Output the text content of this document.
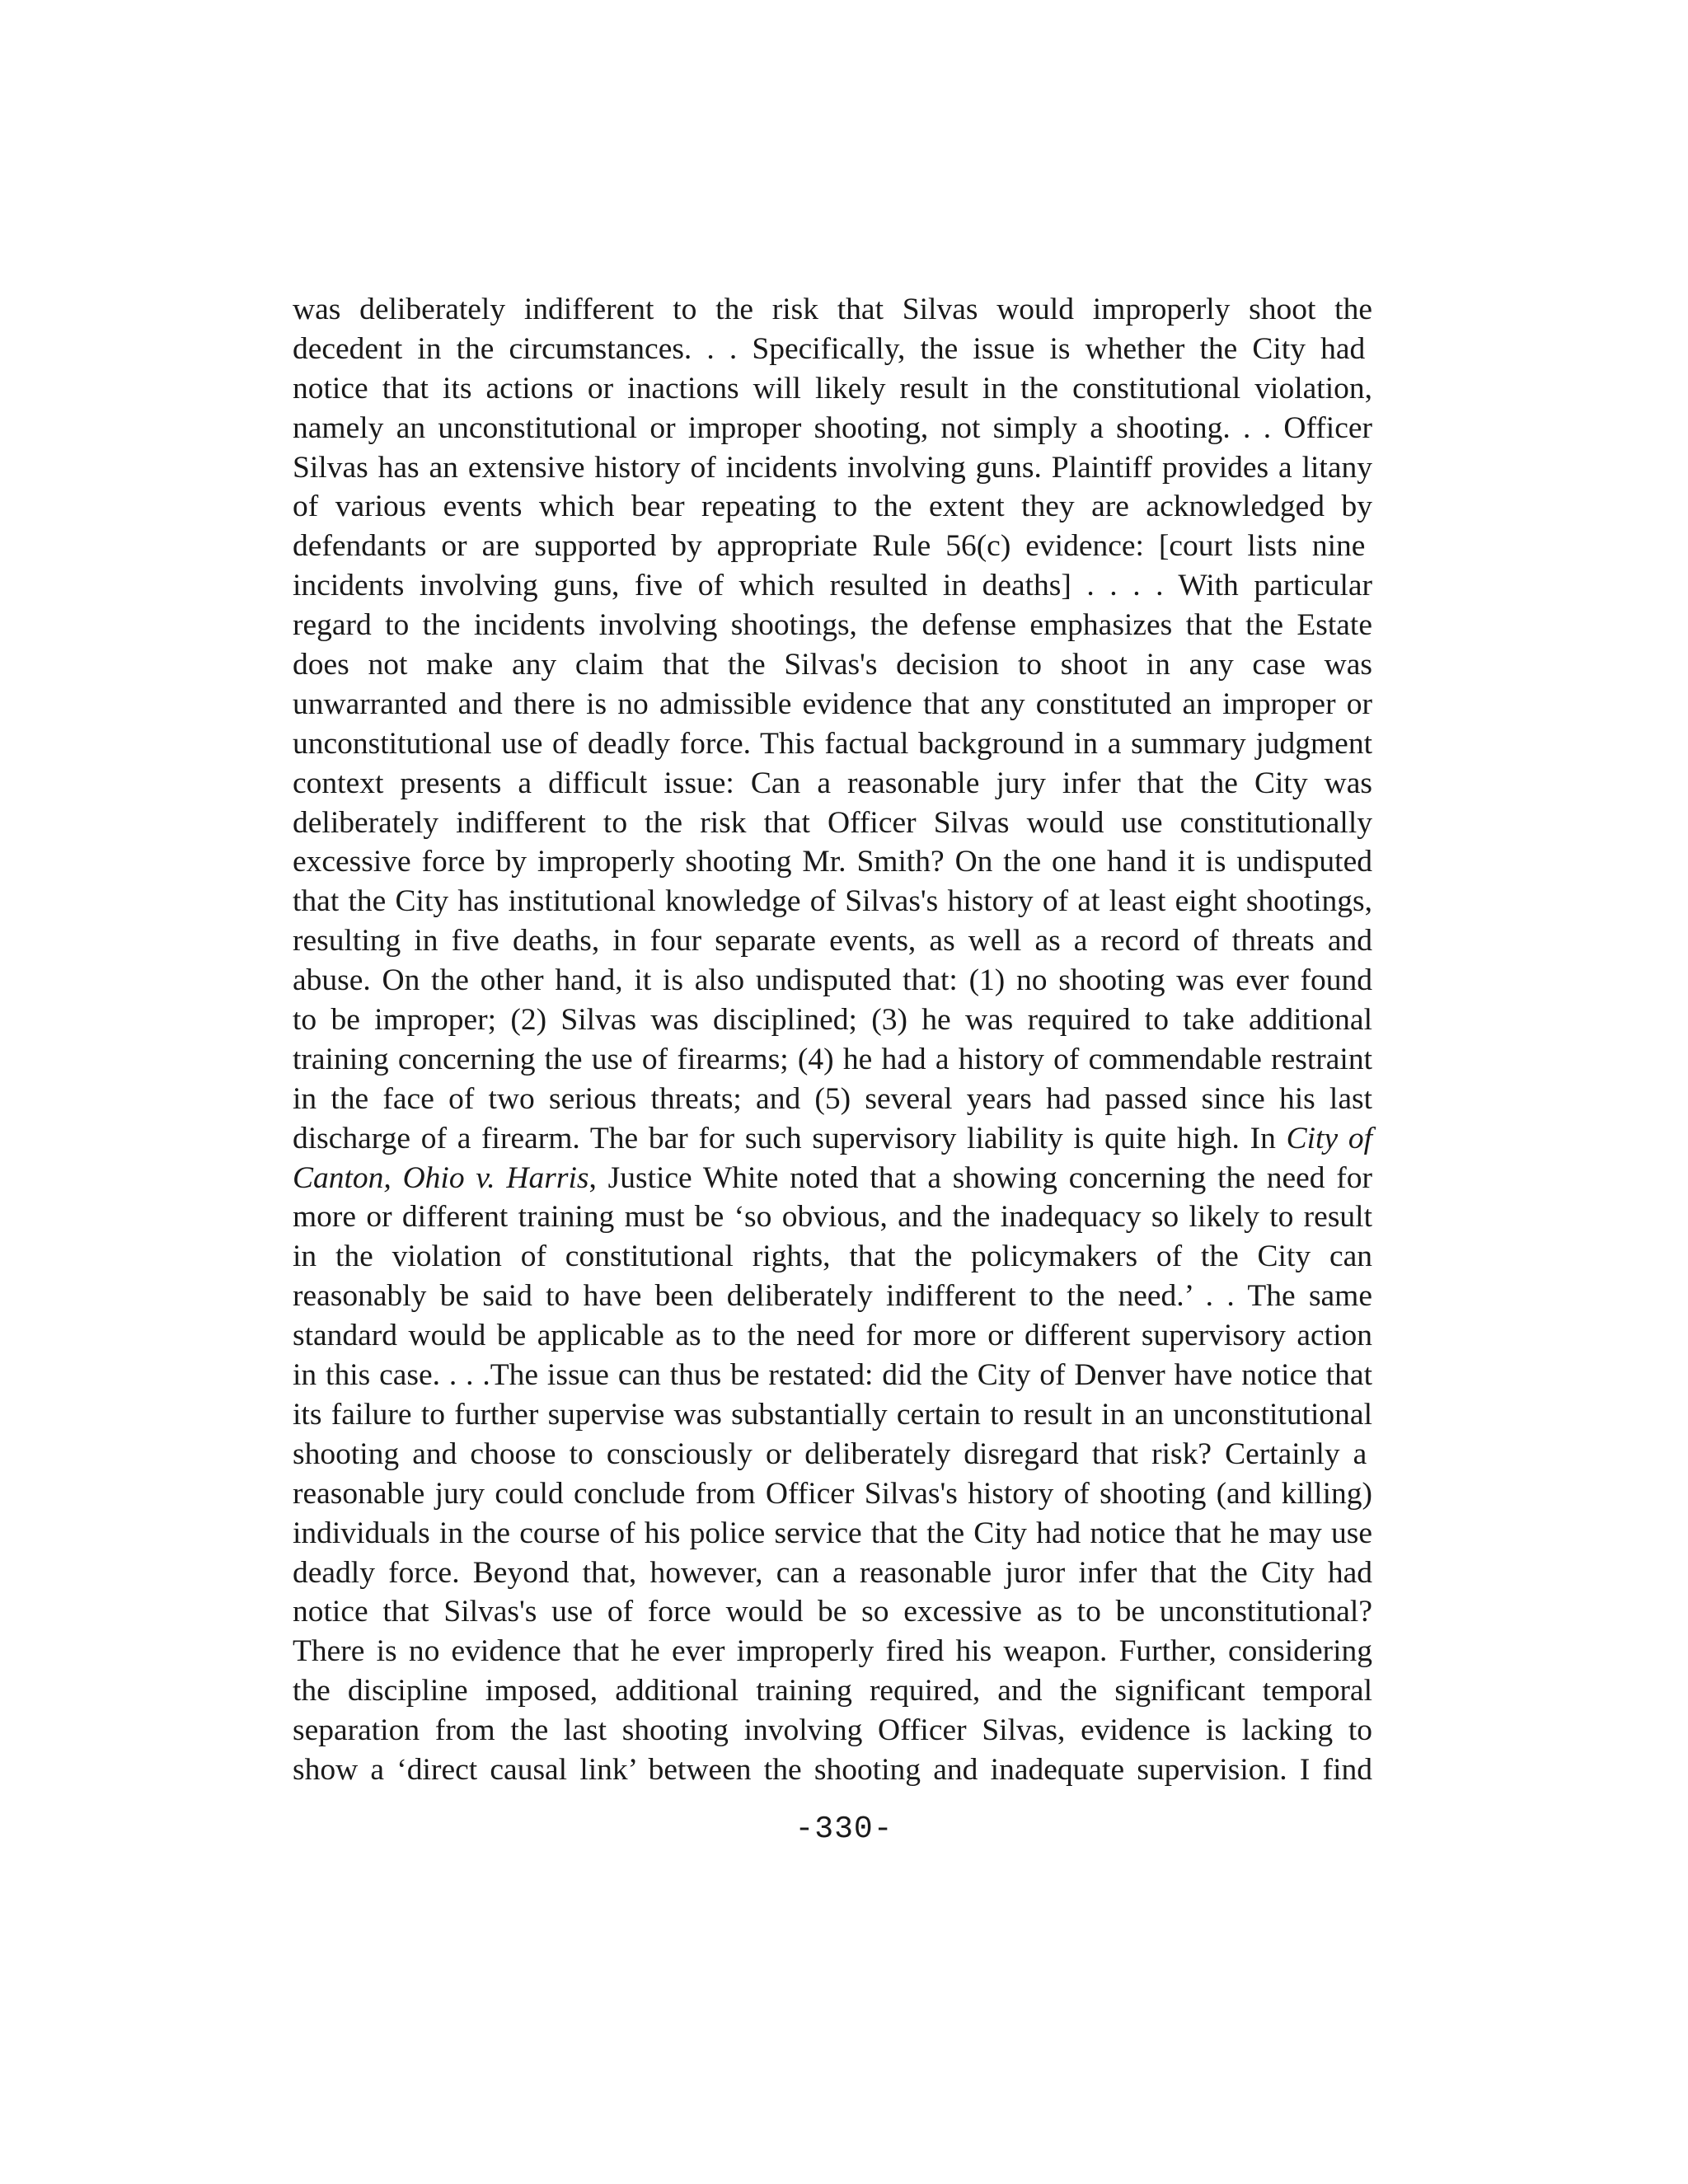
was deliberately indifferent to the risk that Silvas would improperly shoot the
decedent in the circumstances. . . Specifically, the issue is whether the City had
notice that its actions or inactions will likely result in the constitutional violation,
namely an unconstitutional or improper shooting, not simply a shooting. . . Officer
Silvas has an extensive history of incidents involving guns. Plaintiff provides a litany
of various events which bear repeating to the extent they are acknowledged by
defendants or are supported by appropriate Rule 56(c) evidence: [court lists nine
incidents involving guns, five of which resulted in deaths] . . . . With particular
regard to the incidents involving shootings, the defense emphasizes that the Estate
does not make any claim that the Silvas's decision to shoot in any case was
unwarranted and there is no admissible evidence that any constituted an improper or
unconstitutional use of deadly force. This factual background in a summary judgment
context presents a difficult issue: Can a reasonable jury infer that the City was
deliberately indifferent to the risk that Officer Silvas would use constitutionally
excessive force by improperly shooting Mr. Smith? On the one hand it is undisputed
that the City has institutional knowledge of Silvas's history of at least eight shootings,
resulting in five deaths, in four separate events, as well as a record of threats and
abuse. On the other hand, it is also undisputed that: (1) no shooting was ever found
to be improper; (2) Silvas was disciplined; (3) he was required to take additional
training concerning the use of firearms; (4) he had a history of commendable restraint
in the face of two serious threats; and (5) several years had passed since his last
discharge of a firearm. The bar for such supervisory liability is quite high. In City of
Canton, Ohio v. Harris, Justice White noted that a showing concerning the need for
more or different training must be ‘so obvious, and the inadequacy so likely to result
in the violation of constitutional rights, that the policymakers of the City can
reasonably be said to have been deliberately indifferent to the need.’ . . The same
standard would be applicable as to the need for more or different supervisory action
in this case. . . .The issue can thus be restated: did the City of Denver have notice that
its failure to further supervise was substantially certain to result in an unconstitutional
shooting and choose to consciously or deliberately disregard that risk? Certainly a
reasonable jury could conclude from Officer Silvas's history of shooting (and killing)
individuals in the course of his police service that the City had notice that he may use
deadly force. Beyond that, however, can a reasonable juror infer that the City had
notice that Silvas's use of force would be so excessive as to be unconstitutional?
There is no evidence that he ever improperly fired his weapon. Further, considering
the discipline imposed, additional training required, and the significant temporal
separation from the last shooting involving Officer Silvas, evidence is lacking to
show a ‘direct causal link’ between the shooting and inadequate supervision. I find
-330-
